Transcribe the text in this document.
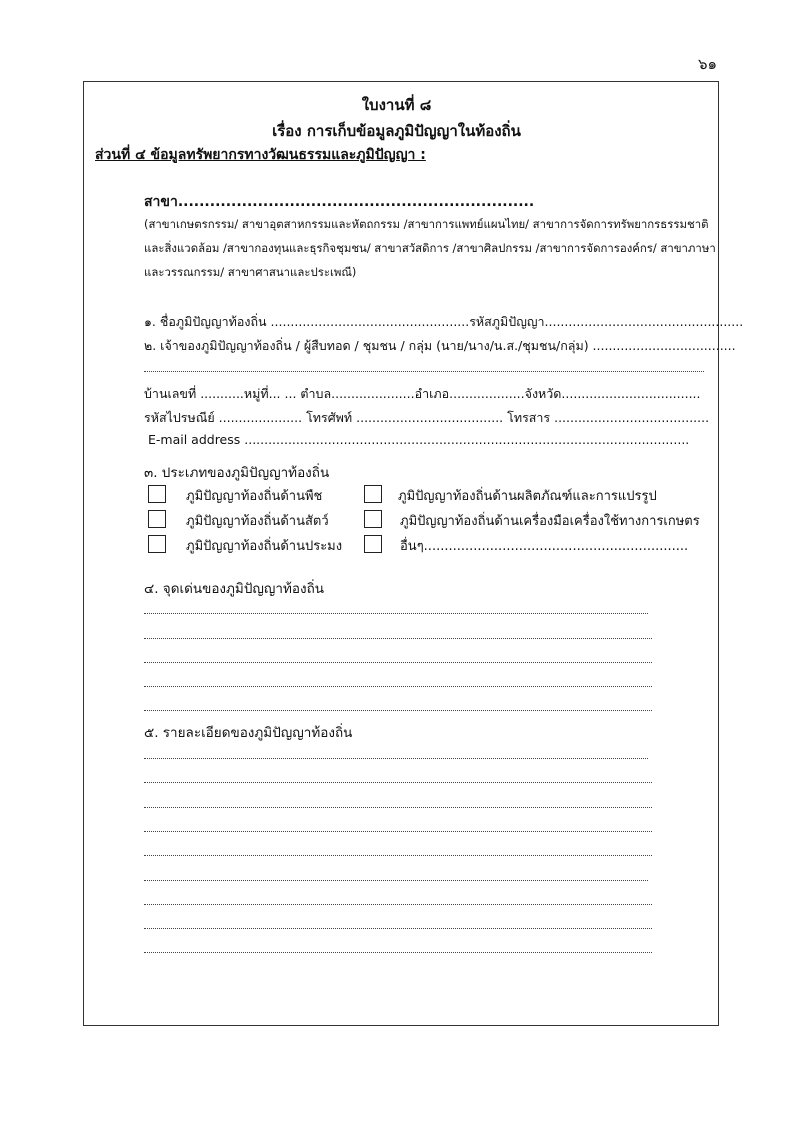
๖๑
ใบงานที่ ๘
เรื่อง การเก็บข้อมูลภูมิปัญญาในท้องถิ่น
ส่วนที่ ๔ ข้อมูลทรัพยากรทางวัฒนธรรมและภูมิปัญญา :
สาขา...................................................................
(สาขาเกษตรกรรม/ สาขาอุตสาหกรรมและหัตถกรรม /สาขาการแพทย์แผนไทย/ สาขาการจัดการทรัพยากรธรรมชาติ
และสิ่งแวดล้อม /สาขากองทุนและธุรกิจชุมชน/ สาขาสวัสดิการ /สาขาศิลปกรรม /สาขาการจัดการองค์กร/ สาขาภาษา
และวรรณกรรม/ สาขาศาสนาและประเพณี)
๑. ชื่อภูมิปัญญาท้องถิ่น ..................................................รหัสภูมิปัญญา..................................................
๒. เจ้าของภูมิปัญญาท้องถิ่น / ผู้สืบทอด / ชุมชน / กลุ่ม (นาย/นาง/น.ส./ชุมชน/กลุ่ม) ....................................
บ้านเลขที่ ...........หมู่ที่... ... ตำบล.....................อำเภอ...................จังหวัด...................................
รหัสไปรษณีย์ ..................... โทรศัพท์ ..................................... โทรสาร .......................................
E-mail address ................................................................................................................
๓. ประเภทของภูมิปัญญาท้องถิ่น
ภูมิปัญญาท้องถิ่นด้านพืช	ภูมิปัญญาท้องถิ่นด้านผลิตภัณฑ์และการแปรรูป
ภูมิปัญญาท้องถิ่นด้านสัตว์	ภูมิปัญญาท้องถิ่นด้านเครื่องมือเครื่องใช้ทางการเกษตร
ภูมิปัญญาท้องถิ่นด้านประมง	อื่นๆ................................................................
๔. จุดเด่นของภูมิปัญญาท้องถิ่น
๕. รายละเอียดของภูมิปัญญาท้องถิ่น
